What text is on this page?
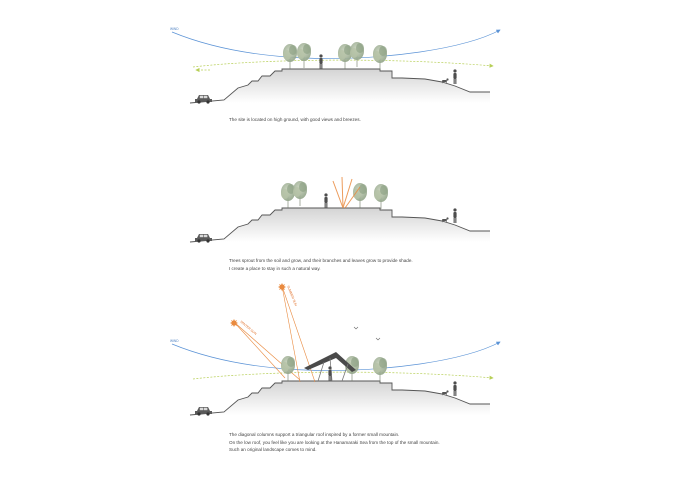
WIND
WIND
SUMMER SUN
WINTER SUN
The site is located on high ground, with good views and breezes.
Trees sprout from the soil and grow, and their branches and leaves grow to provide shade.
I create a place to stay in such a natural way.
The diagonal columns support a triangular roof inspired by a former small mountain.
On the low roof, you feel like you are looking at the Hanamaraki Sea from the top of the small mountain.
Such an original landscape comes to mind.
